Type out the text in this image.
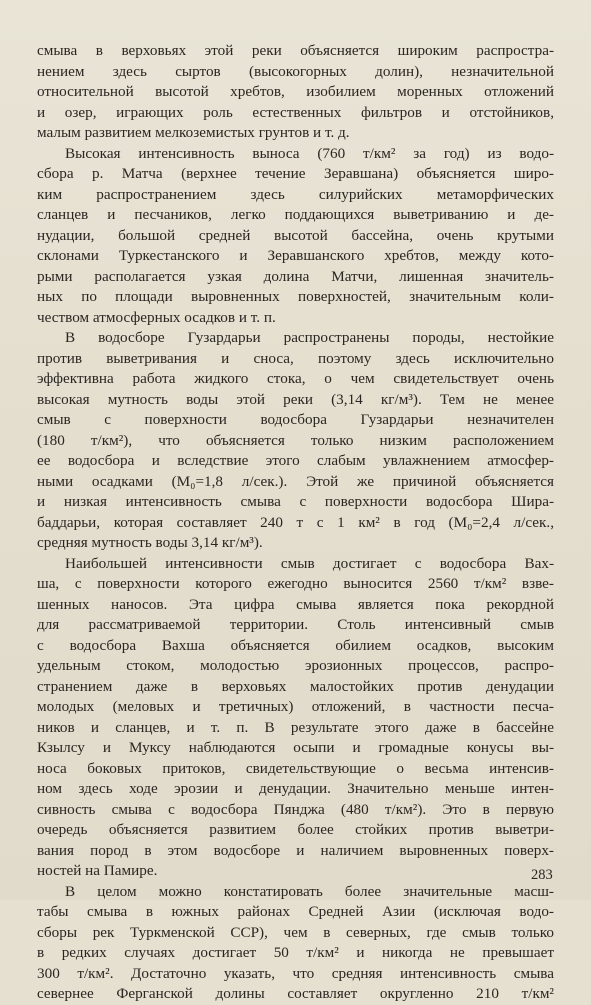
смыва в верховьях этой реки объясняется широким распростра-
нением здесь сыртов (высокогорных долин), незначительной
относительной высотой хребтов, изобилием моренных отложений
и озер, играющих роль естественных фильтров и отстойников,
малым развитием мелкоземистых грунтов и т. д.

Высокая интенсивность выноса (760 т/км² за год) из водо-
сбора р. Матча (верхнее течение Зеравшана) объясняется широ-
ким распространением здесь силурийских метаморфических
сланцев и песчаников, легко поддающихся выветриванию и де-
нудации, большой средней высотой бассейна, очень крутыми
склонами Туркестанского и Зеравшанского хребтов, между кото-
рыми располагается узкая долина Матчи, лишенная значитель-
ных по площади выровненных поверхностей, значительным коли-
чеством атмосферных осадков и т. п.

В водосборе Гузардарьи распространены породы, нестойкие
против выветривания и сноса, поэтому здесь исключительно
эффективна работа жидкого стока, о чем свидетельствует очень
высокая мутность воды этой реки (3,14 кг/м³). Тем не менее
смыв с поверхности водосбора Гузардарьи незначителен
(180 т/км²), что объясняется только низким расположением
ее водосбора и вследствие этого слабым увлажнением атмосфер-
ными осадками (M₀=1,8 л/сек.). Этой же причиной объясняется
и низкая интенсивность смыва с поверхности водосбора Шира-
баддарьи, которая составляет 240 т с 1 км² в год (M₀=2,4 л/сек.,
средняя мутность воды 3,14 кг/м³).

Наибольшей интенсивности смыв достигает с водосбора Вах-
ша, с поверхности которого ежегодно выносится 2560 т/км² взве-
шенных наносов. Эта цифра смыва является пока рекордной
для рассматриваемой территории. Столь интенсивный смыв
с водосбора Вахша объясняется обилием осадков, высоким
удельным стоком, молодостью эрозионных процессов, распро-
странением даже в верховьях малостойких против денудации
молодых (меловых и третичных) отложений, в частности песча-
ников и сланцев, и т. п. В результате этого даже в бассейне
Кзылсу и Муксу наблюдаются осыпи и громадные конусы вы-
носа боковых притоков, свидетельствующие о весьма интенсив-
ном здесь ходе эрозии и денудации. Значительно меньше интен-
сивность смыва с водосбора Пянджа (480 т/км²). Это в первую
очередь объясняется развитием более стойких против выветри-
вания пород в этом водосборе и наличием выровненных поверх-
ностей на Памире.

В целом можно констатировать более значительные масш-
табы смыва в южных районах Средней Азии (исключая водо-
сборы рек Туркменской ССР), чем в северных, где смыв только
в редких случаях достигает 50 т/км² и никогда не превышает
300 т/км². Достаточно указать, что средняя интенсивность смыва
севернее Ферганской долины составляет округленно 210 т/км²

283
